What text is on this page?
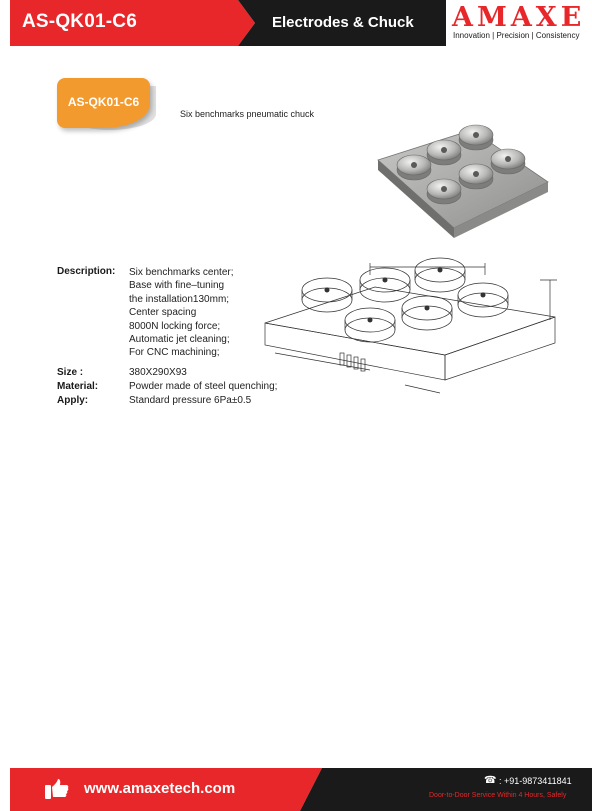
AS-QK01-C6	Electrodes & Chuck AMAXE
Innovation | Precision | Consistency
AS-QK01-C6
Six benchmarks pneumatic chuck
Description: Six benchmarks center;
Base with fine–tuning
the installation130mm;
Center spacing
8000N locking force;
Automatic jet cleaning;
For CNC machining;
Size :	380X290X93
Material:	Powder made of steel quenching;
Apply:	Standard pressure 6Pa±0.5
www.amaxetech.com	☎ : +91-9873411841
Door-to-Door Service Within 4 Hours, Safely
